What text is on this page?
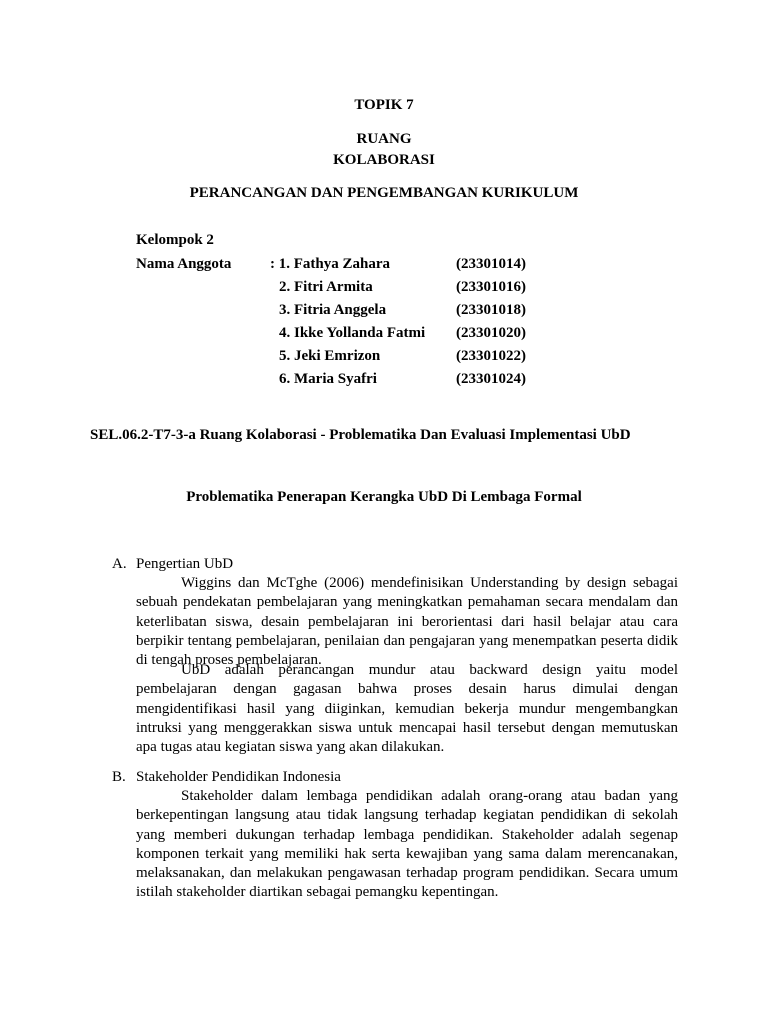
TOPIK 7
RUANG
KOLABORASI
PERANCANGAN DAN PENGEMBANGAN KURIKULUM
Kelompok 2
Nama Anggota	: 1. Fathya Zahara	(23301014)
2. Fitri Armita	(23301016)
3. Fitria Anggela	(23301018)
4. Ikke Yollanda Fatmi (23301020)
5. Jeki Emrizon	(23301022)
6. Maria Syafri	(23301024)
SEL.06.2-T7-3-a Ruang Kolaborasi - Problematika Dan Evaluasi Implementasi UbD
Problematika Penerapan Kerangka UbD Di Lembaga Formal
A. Pengertian UbD
Wiggins dan McTghe (2006) mendefinisikan Understanding by design sebagai
sebuah pendekatan pembelajaran yang meningkatkan pemahaman secara mendalam dan
keterlibatan siswa, desain pembelajaran ini berorientasi dari hasil belajar atau cara
berpikir tentang pembelajaran, penilaian dan pengajaran yang menempatkan peserta didik
di tengah proses pembelajaran.
UbD adalah perancangan mundur atau backward design yaitu model
pembelajaran dengan gagasan bahwa proses desain harus dimulai dengan
mengidentifikasi hasil yang diiginkan, kemudian bekerja mundur mengembangkan
intruksi yang menggerakkan siswa untuk mencapai hasil tersebut dengan memutuskan
apa tugas atau kegiatan siswa yang akan dilakukan.
B. Stakeholder Pendidikan Indonesia
Stakeholder dalam lembaga pendidikan adalah orang-orang atau badan yang
berkepentingan langsung atau tidak langsung terhadap kegiatan pendidikan di sekolah
yang memberi dukungan terhadap lembaga pendidikan. Stakeholder adalah segenap
komponen terkait yang memiliki hak serta kewajiban yang sama dalam merencanakan,
melaksanakan, dan melakukan pengawasan terhadap program pendidikan. Secara umum
istilah stakeholder diartikan sebagai pemangku kepentingan.
